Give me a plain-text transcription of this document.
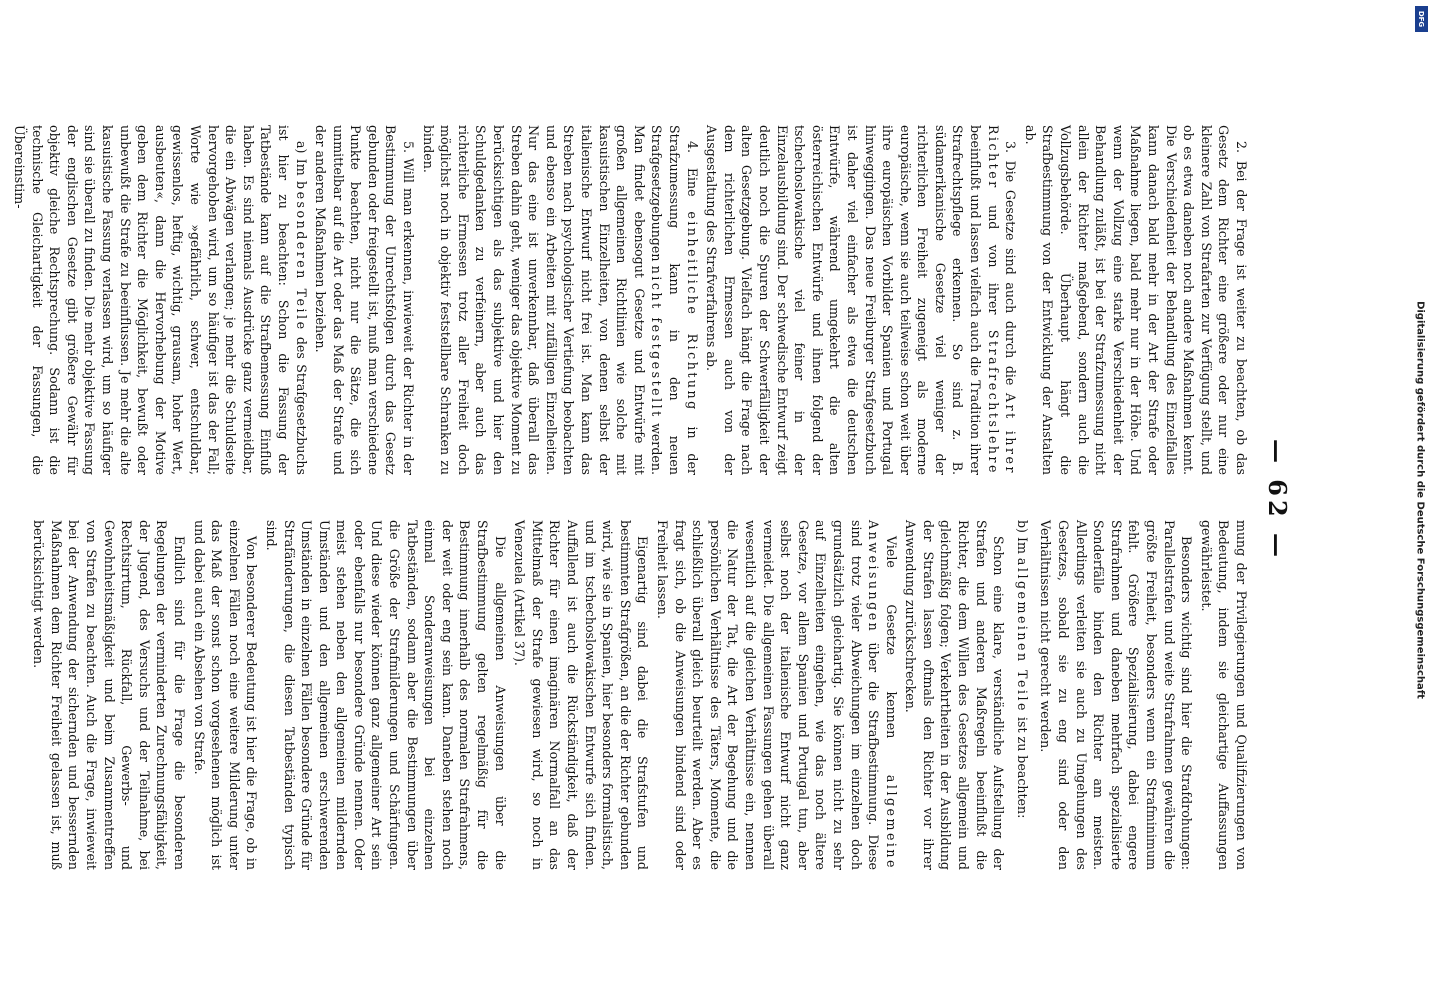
— 62 —

2. Bei der Frage ist weiter zu beachten, ob das Gesetz dem Richter eine größere oder nur eine kleinere Zahl von Strafarten zur Verfügung stellt, und ob es etwa daneben noch andere Maßnahmen kennt. Die Verschiedenheit der Behandlung des Einzelfalles kann danach bald mehr in der Art der Strafe oder Maßnahme liegen, bald mehr nur in der Höhe. Und wenn der Vollzug eine starke Verschiedenheit der Behandlung zuläßt, ist bei der Strafzumessung nicht allein der Richter maßgebend, sondern auch die Vollzugsbehörde. Überhaupt hängt die Strafbestimmung von der Entwicklung der Anstalten ab.

3. Die Gesetze sind auch durch die Art ihrer Richter und von ihrer Strafrechtslehre beeinflußt und lassen vielfach auch die Tradition ihrer Strafrechtspflege erkennen. So sind z. B. südamerikanische Gesetze viel weniger der richterlichen Freiheit zugeneigt als moderne europäische, wenn sie auch teilweise schon weit über ihre europäischen Vorbilder Spanien und Portugal hinweggingen. Das neue Freiburger Strafgesetzbuch ist daher viel einfacher als etwa die deutschen Entwürfe, während umgekehrt die alten österreichischen Entwürfe und ihnen folgend der tschechoslowakische viel feiner in der Einzelausbildung sind. Der schwedische Entwurf zeigt deutlich noch die Spuren der Schwerfälligkeit der alten Gesetzgebung. Vielfach hängt die Frage nach dem richterlichen Ermessen auch von der Ausgestaltung des Strafverfahrens ab.

4. Eine einheitliche Richtung in der Strafzumessung kann in den neuen Strafgesetzgebungen nicht festgestellt werden. Man findet ebensogut Gesetze und Entwürfe mit großen allgemeinen Richtlinien wie solche mit kasuistischen Einzelheiten, von denen selbst der italienische Entwurf nicht frei ist. Man kann das Streben nach psychologischer Vertiefung beobachten und ebenso ein Arbeiten mit zufälligen Einzelheiten. Nur das eine ist unverkennbar, daß überall das Streben dahin geht, weniger das objektive Moment zu berücksichtigen als das subjektive und hier den Schuldgedanken zu verfeinern, aber auch das richterliche Ermessen trotz aller Freiheit doch möglichst noch in objektiv feststellbare Schranken zu binden.

5. Will man erkennen, inwieweit der Richter in der Bestimmung der Unrechtsfolgen durch das Gesetz gebunden oder freigestellt ist, muß man verschiedene Punkte beachten, nicht nur die Sätze, die sich unmittelbar auf die Art oder das Maß der Strafe und der anderen Maßnahmen beziehen.

a) Im besonderen Teile des Strafgesetzbuchs ist hier zu beachten: Schon die Fassung der Tatbestände kann auf die Strafbemessung Einfluß haben. Es sind niemals Ausdrücke ganz vermeidbar, die ein Abwägen verlangen; je mehr die Schuldseite hervorgehoben wird, um so häufiger ist das der Fall; Worte wie »gefährlich, schwer, entschuldbar, gewissenlos, heftig, wichtig, grausam, hoher Wert, ausbeuten«, dann die Hervorhebung der Motive geben dem Richter die Möglichkeit, bewußt oder unbewußt die Strafe zu beeinflussen. Je mehr die alte kasuistische Fassung verlassen wird, um so häufiger sind sie überall zu finden. Die mehr objektive Fassung der englischen Gesetze gibt größere Gewähr für objektiv gleiche Rechtsprechung. Sodann ist die technische Gleichartigkeit der Fassungen, die Übereinstim-

mung der Privilegierungen und Qualifizierungen von Bedeutung, indem sie gleichartige Auffassungen gewährleistet.

Besonders wichtig sind hier die Strafdrohungen: Parallelstrafen und weite Strafrahmen gewähren die größte Freiheit, besonders wenn ein Strafminimum fehlt. Größere Spezialisierung, dabei engere Strafrahmen und daneben mehrfach spezialisierte Sonderfälle binden den Richter am meisten. Allerdings verleiten sie auch zu Umgehungen des Gesetzes, sobald sie zu eng sind oder den Verhältnissen nicht gerecht werden.

b) Im allgemeinen Teile ist zu beachten:

Schon eine klare, verständliche Aufstellung der Strafen und anderen Maßregeln beeinflußt die Richter, die dem Willen des Gesetzes allgemein und gleichmäßig folgen; Verkehrtheiten in der Ausbildung der Strafen lassen oftmals den Richter vor ihrer Anwendung zurückschrecken.

Viele Gesetze kennen allgemeine Anweisungen über die Strafbestimmung. Diese sind trotz vieler Abweichungen im einzelnen doch grundsätzlich gleichartig. Sie können nicht zu sehr auf Einzelheiten eingehen, wie das noch ältere Gesetze, vor allem Spanien und Portugal tun, aber selbst noch der italienische Entwurf nicht ganz vermeidet. Die allgemeinen Fassungen gehen überall wesentlich auf die gleichen Verhältnisse ein, nennen die Natur der Tat, die Art der Begehung und die persönlichen Verhältnisse des Täters, Momente, die schließlich überall gleich beurteilt werden. Aber es fragt sich, ob die Anweisungen bindend sind oder Freiheit lassen.

Eigenartig sind dabei die Strafstufen und bestimmten Strafgrößen, an die der Richter gebunden wird, wie sie in Spanien, hier besonders formalistisch, und im tschechoslowakischen Entwurfe sich finden. Auffallend ist auch die Rückständigkeit, daß der Richter für einen imaginären Normalfall an das Mittelmaß der Strafe gewiesen wird, so noch in Venezuela (Artikel 37).

Die allgemeinen Anweisungen über die Strafbestimmung gelten regelmäßig für die Bestimmung innerhalb des normalen Strafrahmens, der weit oder eng sein kann. Daneben stehen noch einmal Sonderanweisungen bei einzelnen Tatbeständen, sodann aber die Bestimmungen über die Größe der Strafmilderungen und Schärfungen. Und diese wieder können ganz allgemeiner Art sein oder ebenfalls nur besondere Gründe nennen. Oder meist stehen neben den allgemeinen mildernden Umständen und den allgemeinen erschwerenden Umständen in einzelnen Fällen besondere Gründe für Strafänderungen, die diesen Tatbeständen typisch sind.

Von besonderer Bedeutung ist hier die Frage, ob in einzelnen Fällen noch eine weitere Milderung unter das Maß der sonst schon vorgesehenen möglich ist und dabei auch ein Absehen von Strafe.

Endlich sind für die Frage die besonderen Regelungen der verminderten Zurechnungsfähigkeit, der Jugend, des Versuchs und der Teilnahme, bei Rechtsirrtum, Rückfall, Gewerbs- und Gewohnheitsmäßigkeit und beim Zusammentreffen von Strafen zu beachten. Auch die Frage, inwieweit bei der Anwendung der sichernden und bessernden Maßnahmen dem Richter Freiheit gelassen ist, muß berücksichtigt werden.	Digitalisierung gefördert durch die Deutsche Forschungsgemeinschaft
DFG
